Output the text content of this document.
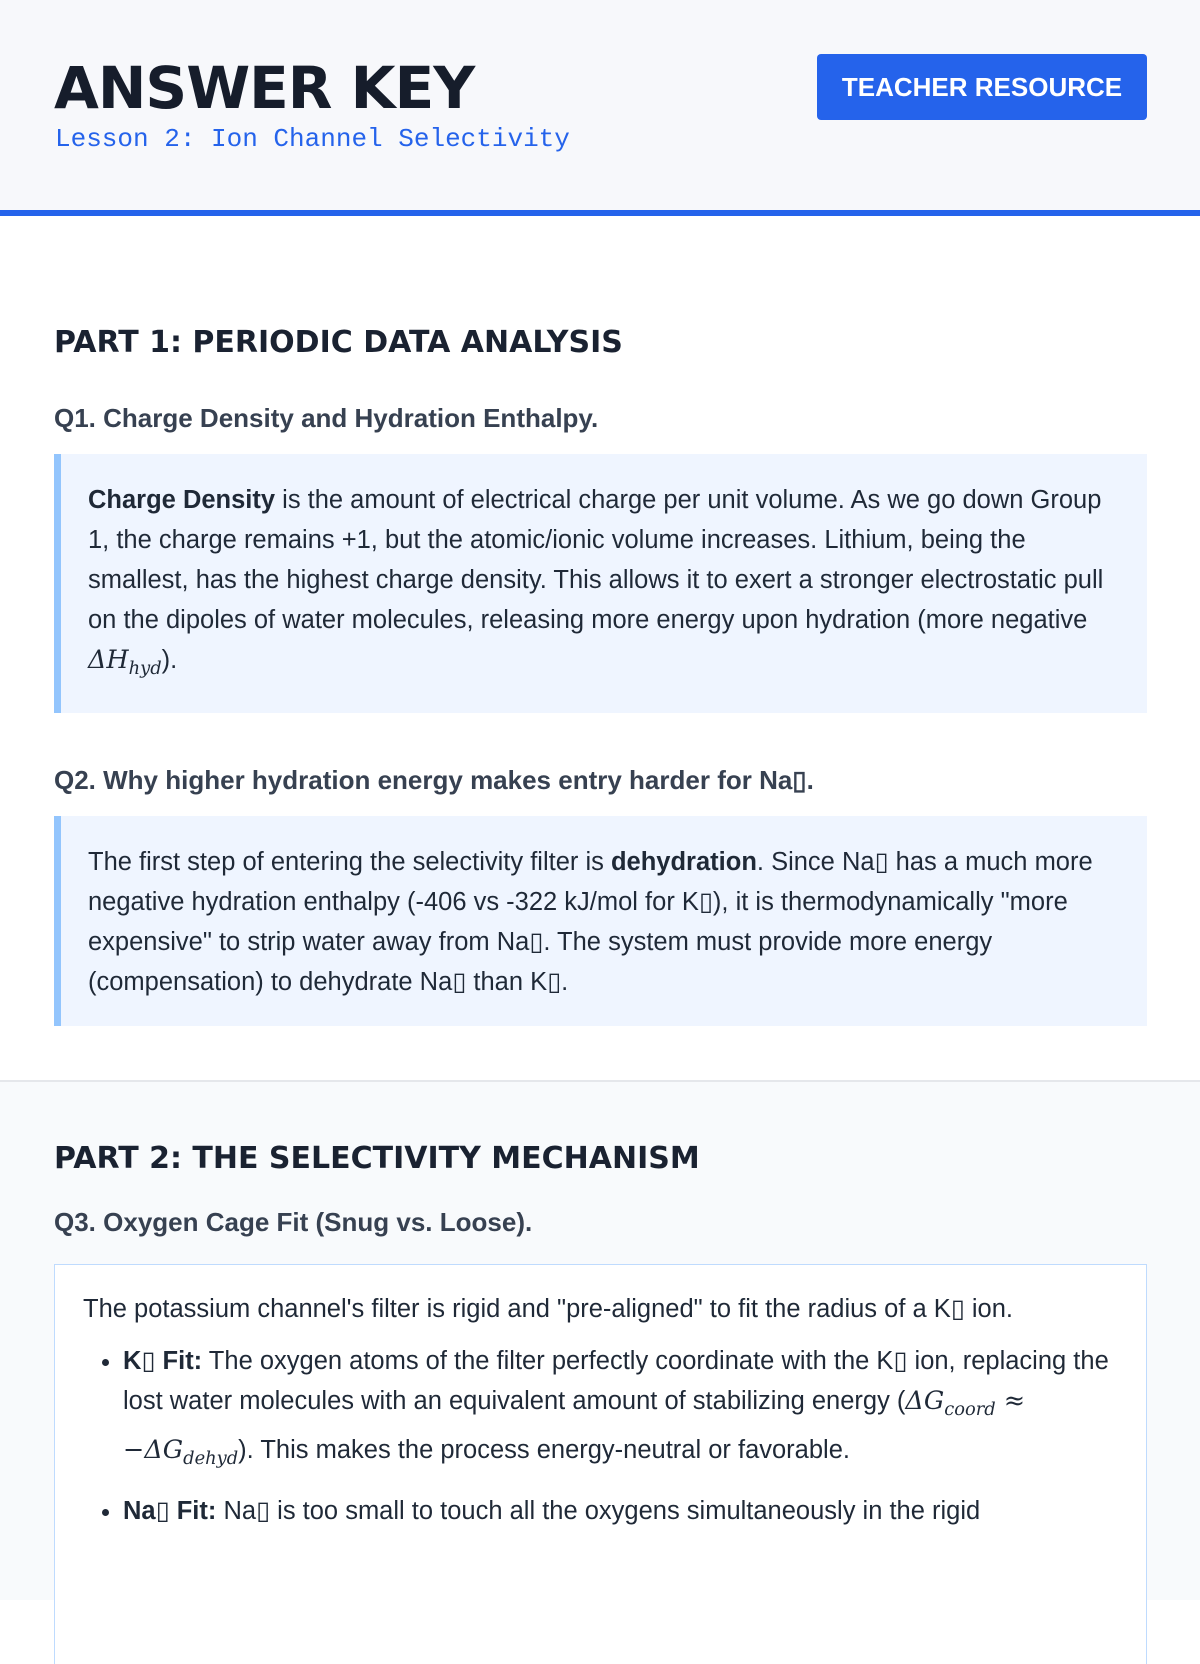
ANSWER KEY
Lesson 2: Ion Channel Selectivity
TEACHER RESOURCE
PART 1: PERIODIC DATA ANALYSIS
Q1. Charge Density and Hydration Enthalpy.

Charge Density is the amount of electrical charge per unit volume. As we go down Group 1, the charge remains +1, but the atomic/ionic volume increases. Lithium, being the smallest, has the highest charge density. This allows it to exert a stronger electrostatic pull on the dipoles of water molecules, releasing more energy upon hydration (more negative $\Delta H_{hyd}$).

Q2. Why higher hydration energy makes entry harder for Na▯.

The first step of entering the selectivity filter is dehydration. Since Na▯ has a much more negative hydration enthalpy (-406 vs -322 kJ/mol for K▯), it is thermodynamically "more expensive" to strip water away from Na▯. The system must provide more energy (compensation) to dehydrate Na▯ than K▯.

PART 2: THE SELECTIVITY MECHANISM
Q3. Oxygen Cage Fit (Snug vs. Loose).

The potassium channel's filter is rigid and "pre-aligned" to fit the radius of a K▯ ion.

• K▯ Fit: The oxygen atoms of the filter perfectly coordinate with the K▯ ion, replacing the lost water molecules with an equivalent amount of stabilizing energy $(\Delta G_{coord} \approx -\Delta G_{dehyd})$. This makes the process energy-neutral or favorable.
• Na▯ Fit: Na▯ is too small to touch all the oxygens simultaneously in the rigid
